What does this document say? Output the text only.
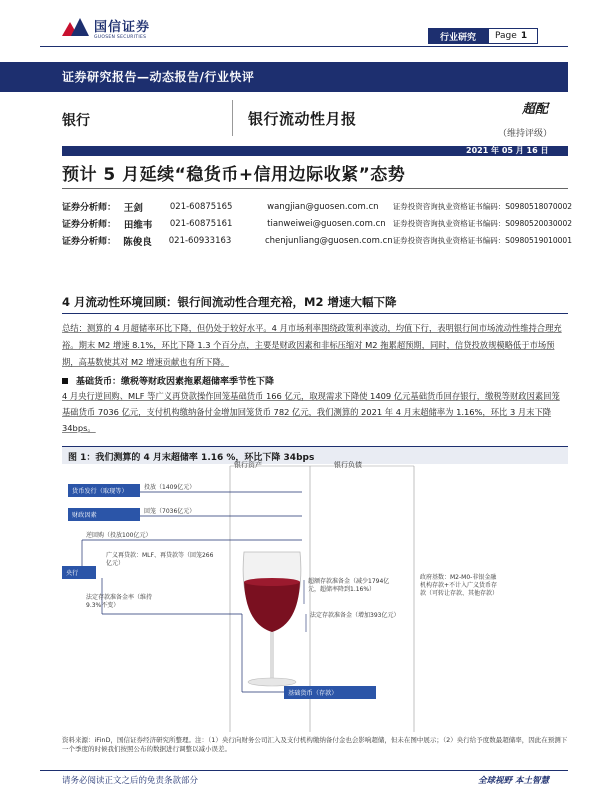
国信证券
GUOSEN SECURITIES	行业研究	Page 1
证券研究报告—动态报告/行业快评
银行	银行流动性月报
超配
（维持评级）
2021 年 05 月 16 日
预计 5 月延续“稳货币+信用边际收紧”态势
证券分析师： 王剑	021-60875165	wangjian@guosen.com.cn	证券投资咨询执业资格证书编码：S0980518070002
证券分析师： 田维韦	021-60875161	tianweiwei@guosen.com.cn 证券投资咨询执业资格证书编码：S0980520030002
证券分析师： 陈俊良	021-60933163	chenjunliang@guosen.com.cn 证券投资咨询执业资格证书编码：S0980519010001
4 月流动性环境回顾：银行间流动性合理充裕，M2 增速大幅下降
总结：测算的 4 月超储率环比下降，但仍处于较好水平。4 月市场利率围绕政策利率波动，均值下行，表明银行间市场流动性维持合理充裕。期末 M2 增速 8.1%，环比下降 1.3 个百分点，主要是财政因素和非标压缩对 M2 拖累超预期，同时，信贷投放规模略低于市场预期，高基数使其对 M2 增速贡献也有所下降。
基础货币：缴税等财政因素拖累超储率季节性下降
4 月央行逆回购、MLF 等广义再贷款操作回笼基础货币 166 亿元，取现需求下降使 1409 亿元基础货币回存银行，缴税等财政因素回笼基础货币 7036 亿元，支付机构缴纳备付金增加回笼货币 782 亿元，我们测算的 2021 年 4 月末超储率为 1.16%，环比 3 月末下降 34bps。
图 1：我们测算的 4 月末超储率 1.16 %，环比下降 34bps
银行资产	银行负债
货币发行（取现等）
财政因素
央行
基础货币（存款）
投放（1409亿元）
回笼（7036亿元）
逆回购（投放100亿元）
广义再贷款：MLF、再贷款等（回笼266亿元）
法定存款准备金率（维持9.3%不变）
超额存款准备金（减少1794亿元，超储率降到1.16%）
法定存款准备金（增加393亿元）
政府基数：M2-M0-非银金融机构存款+不计入广义货币存款（可转让存款、其他存款）
资料来源：iFinD，国信证券经济研究所整理。注：（1）央行向财务公司汇入及支付机构缴纳备付金也会影响超储，但未在图中展示；（2）央行给予度数最超储率，因此在预测下一个季度的时候我们按照公布的数据进行调整以减小误差。
请务必阅读正文之后的免责条款部分	全球视野 本土智慧
